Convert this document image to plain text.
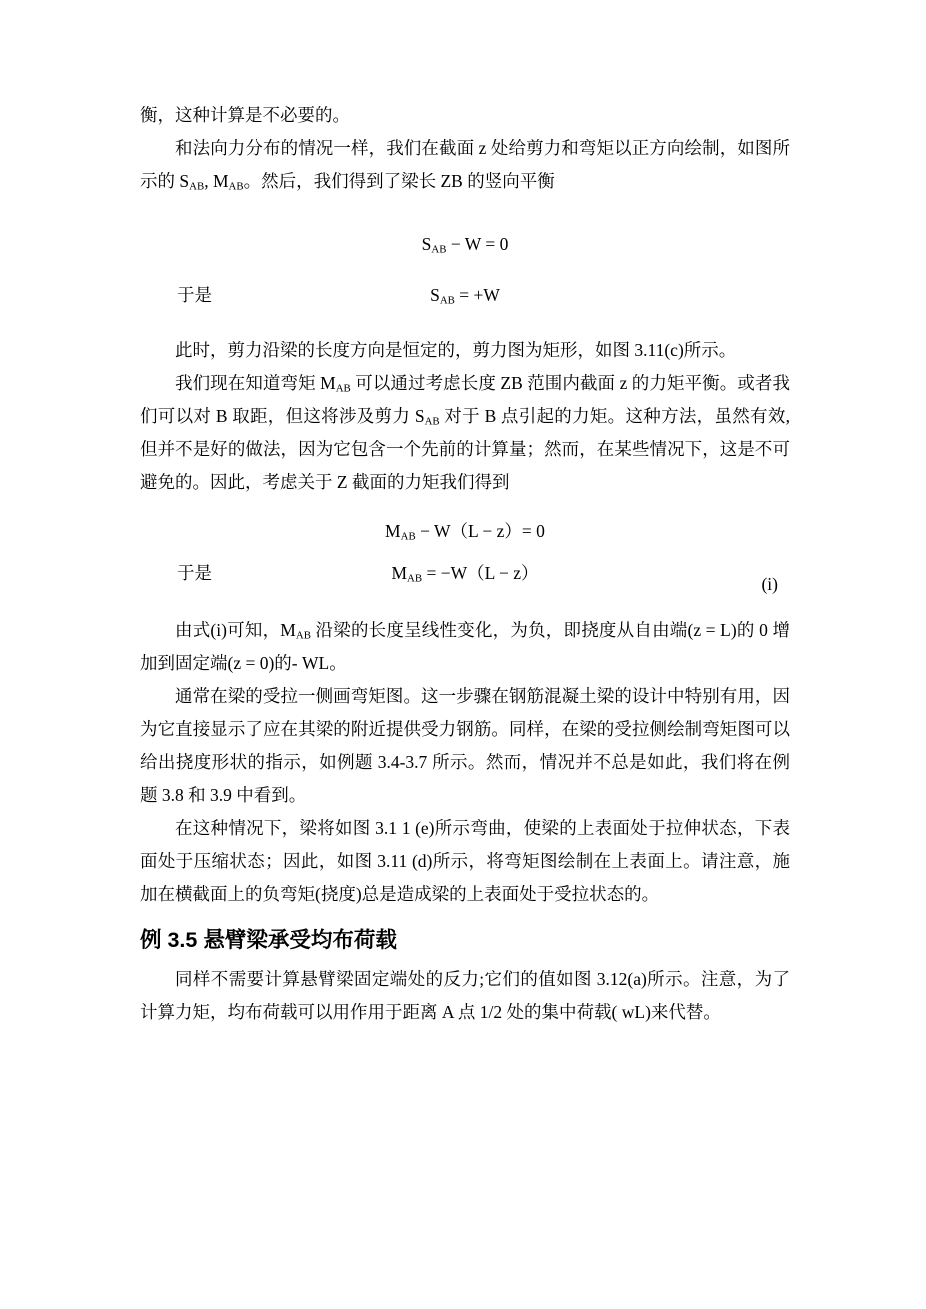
衡，这种计算是不必要的。

和法向力分布的情况一样，我们在截面 z 处给剪力和弯矩以正方向绘制，如图所示的 $S_{AB}$, $M_{AB}$。然后，我们得到了梁长 ZB 的竖向平衡

$S_{AB} - W = 0$
于是	$S_{AB} = +W$

此时，剪力沿梁的长度方向是恒定的，剪力图为矩形，如图 3.11(c)所示。

我们现在知道弯矩 $M_{AB}$ 可以通过考虑长度 ZB 范围内截面 z 的力矩平衡。或者我们可以对 B 取距，但这将涉及剪力 $S_{AB}$ 对于 B 点引起的力矩。这种方法，虽然有效,但并不是好的做法，因为它包含一个先前的计算量；然而，在某些情况下，这是不可避免的。因此，考虑关于 Z 截面的力矩我们得到

$M_{AB} - W(L - z)= 0$
于是	$M_{AB} = -W(L - z)$
(i)

由式(i)可知，$M_{AB}$ 沿梁的长度呈线性变化，为负，即挠度从自由端(z = L)的 0 增加到固定端(z = 0)的- WL。

通常在梁的受拉一侧画弯矩图。这一步骤在钢筋混凝土梁的设计中特别有用，因为它直接显示了应在其梁的附近提供受力钢筋。同样，在梁的受拉侧绘制弯矩图可以给出挠度形状的指示，如例题 3.4-3.7 所示。然而，情况并不总是如此，我们将在例题 3.8 和 3.9 中看到。

在这种情况下，梁将如图 3.1 1 (e)所示弯曲，使梁的上表面处于拉伸状态，下表面处于压缩状态；因此，如图 3.11 (d)所示，将弯矩图绘制在上表面上。请注意，施加在横截面上的负弯矩(挠度)总是造成梁的上表面处于受拉状态的。

例 3.5 悬臂梁承受均布荷载

同样不需要计算悬臂梁固定端处的反力;它们的值如图 3.12(a)所示。注意，为了计算力矩，均布荷载可以用作用于距离 A 点 1/2 处的集中荷载( wL)来代替。
